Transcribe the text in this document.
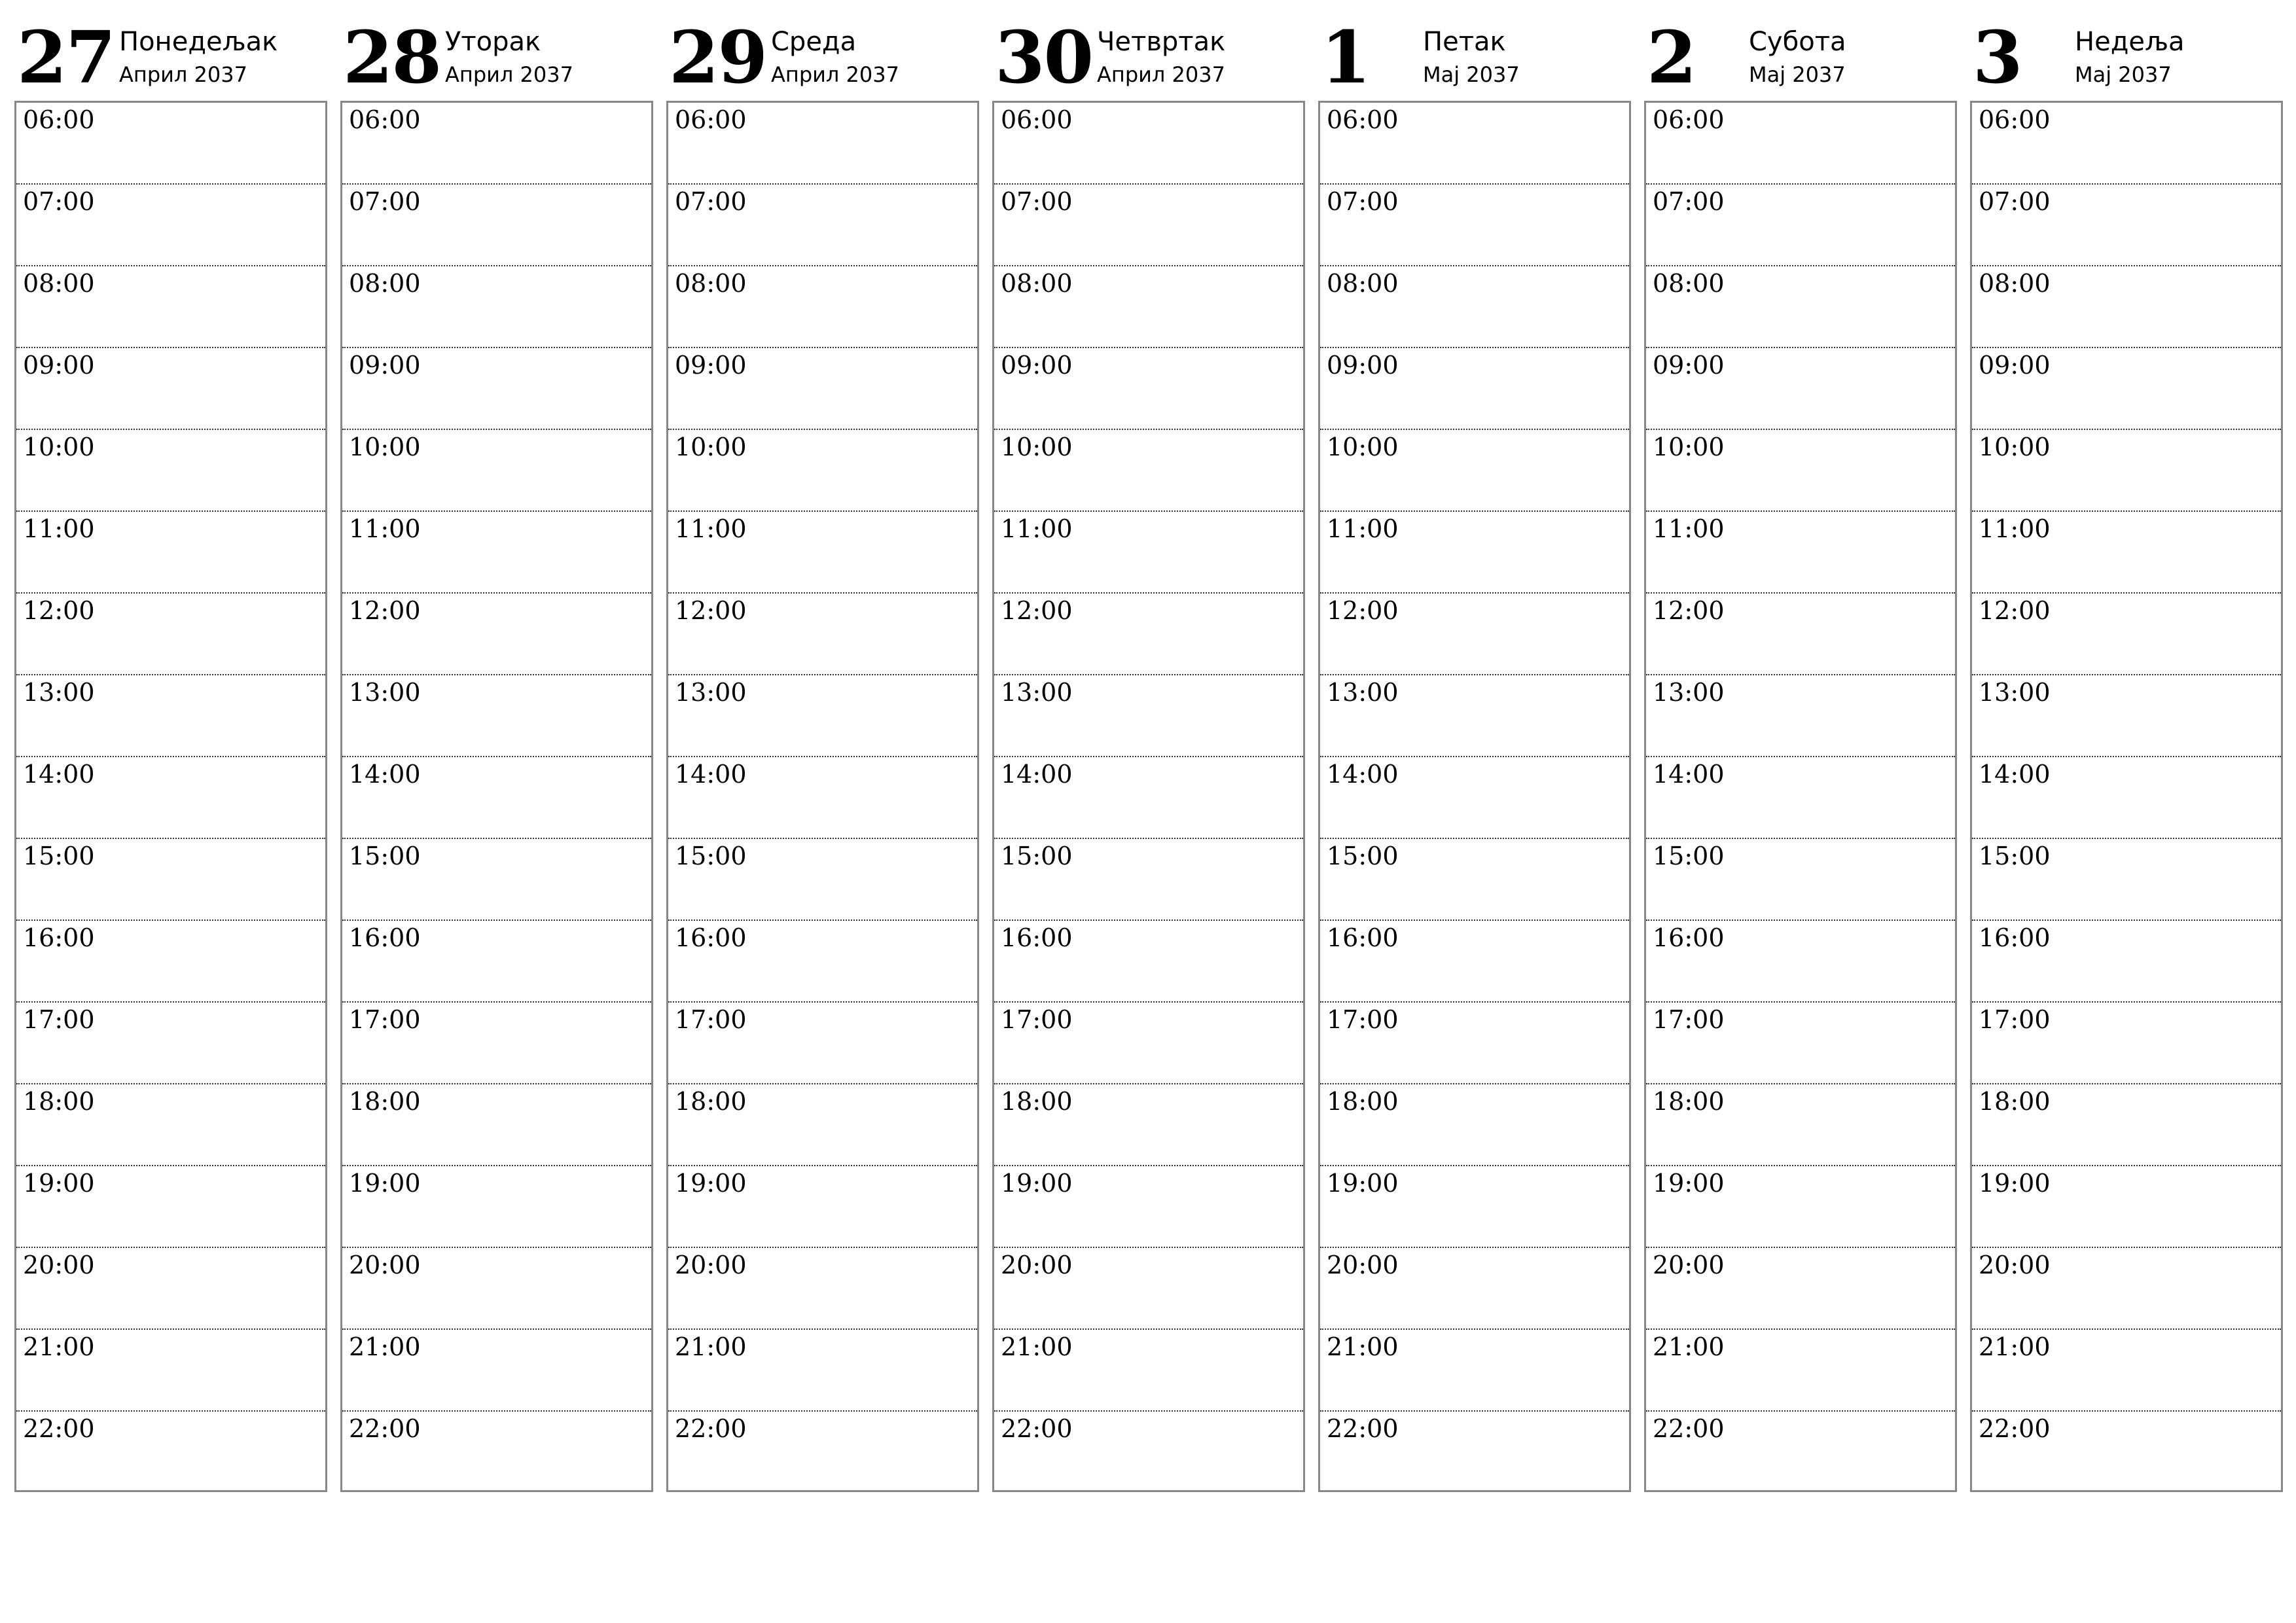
27 Понедељак
Април 2037
06:00
07:00
08:00
09:00
10:00
11:00
12:00
13:00
14:00
15:00
16:00
17:00
18:00
19:00
20:00
21:00
22:00
28 Уторак
Април 2037
06:00
07:00
08:00
09:00
10:00
11:00
12:00
13:00
14:00
15:00
16:00
17:00
18:00
19:00
20:00
21:00
22:00
29 Среда
Април 2037
06:00
07:00
08:00
09:00
10:00
11:00
12:00
13:00
14:00
15:00
16:00
17:00
18:00
19:00
20:00
21:00
22:00
30 Четвртак
Април 2037
06:00
07:00
08:00
09:00
10:00
11:00
12:00
13:00
14:00
15:00
16:00
17:00
18:00
19:00
20:00
21:00
22:00
1 Петак
Мај 2037
06:00
07:00
08:00
09:00
10:00
11:00
12:00
13:00
14:00
15:00
16:00
17:00
18:00
19:00
20:00
21:00
22:00
2 Субота
Мај 2037
06:00
07:00
08:00
09:00
10:00
11:00
12:00
13:00
14:00
15:00
16:00
17:00
18:00
19:00
20:00
21:00
22:00
3 Недеља
Мај 2037
06:00
07:00
08:00
09:00
10:00
11:00
12:00
13:00
14:00
15:00
16:00
17:00
18:00
19:00
20:00
21:00
22:00
